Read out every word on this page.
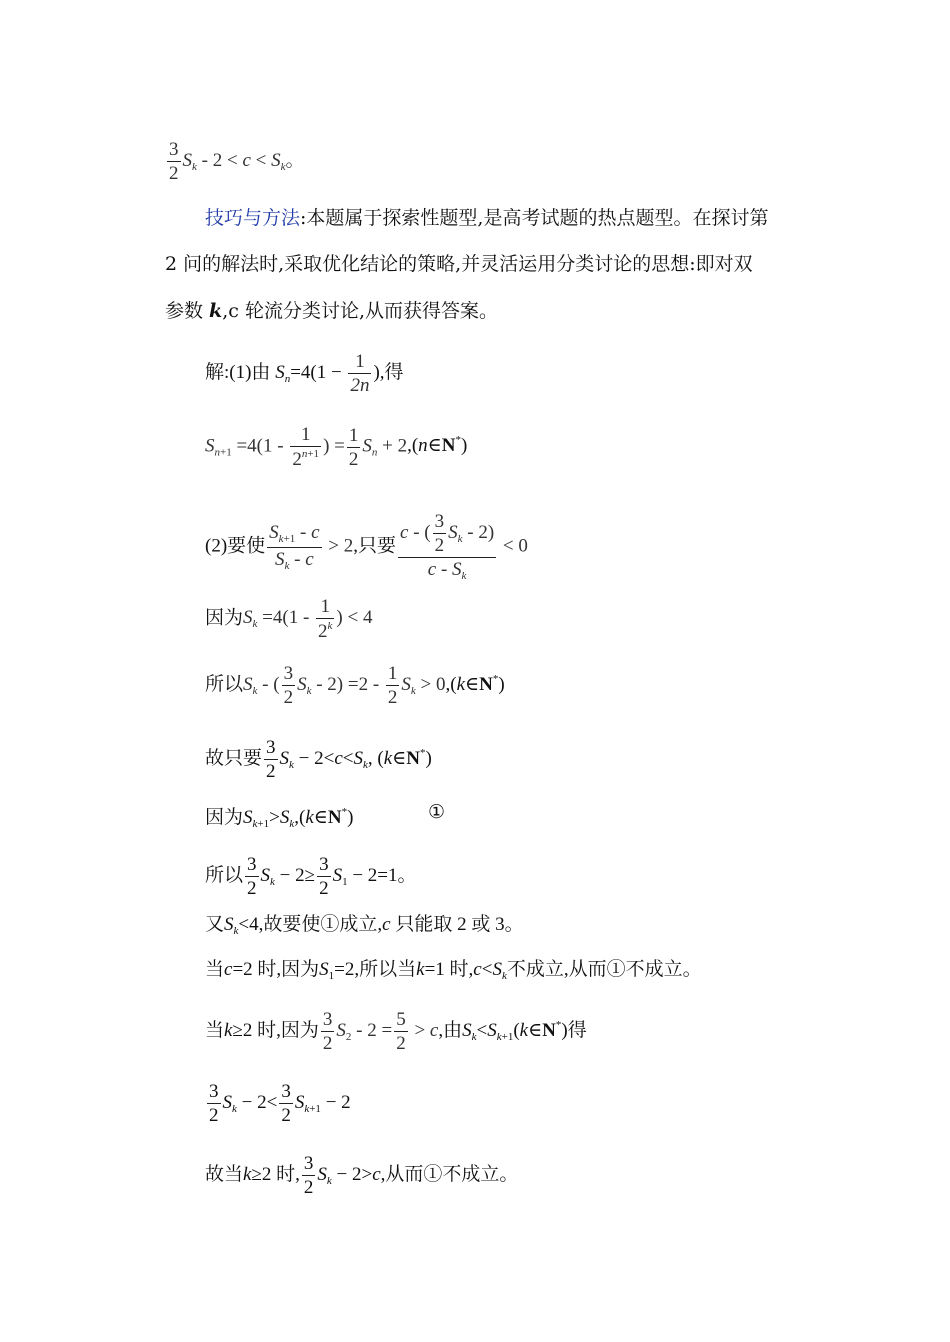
$\frac{3}{2} S_k - 2 < c < S_k$。
技巧与方法:本题属于探索性题型,是高考试题的热点题型。在探讨第
2 问的解法时,采取优化结论的策略,并灵活运用分类讨论的思想:即对双
参数 k,c 轮流分类讨论,从而获得答案。
解:(1)由 $S_n=4(1 - \frac{1}{2n}$ ),得
$S_{n+1} =4(1 - \frac{1}{2^{n+1}}$ ) = $\frac{1}{2} S_n$ + 2,(n∈N*)
(2)要使 $\frac{S_{k+1} - c}{S_k - c} > 2$,只要 $\frac{c - ( \frac{3}{2} S_k - 2)}{c - S_k} < 0$
因为$S_k =4(1 - \frac{1}{2^k}$ ) < 4
所以$S_k$ - ( $\frac{3}{2} S_k - 2) =2 - \frac{1}{2} S_k$ > 0,(k∈N*)
故只要 $\frac{3}{2} S_k - 2<c<S_k$, (k∈N*)
因为$S_{k+1}>S_k,(k\in N^*)$	①
所以 $\frac{3}{2} S_k - 2\ge \frac{3}{2} S_1 - 2=1$。
又$S_k<4$,故要使①成立,c 只能取 2 或 3。
当c=2 时,因为$S_1=2$,所以当k=1 时$,c<S_k$不成立,从而①不成立。
当k≥2 时,因为 $\frac{3}{2} S_2 - 2 = \frac{5}{2} > c$,由$S_k<S_{k+1}(k\in N^*)$得
$\frac{3}{2} S_k - 2< \frac{3}{2} S_{k+1} - 2$
故当k≥2 时, $\frac{3}{2} S_k - 2>c$,从而①不成立。
